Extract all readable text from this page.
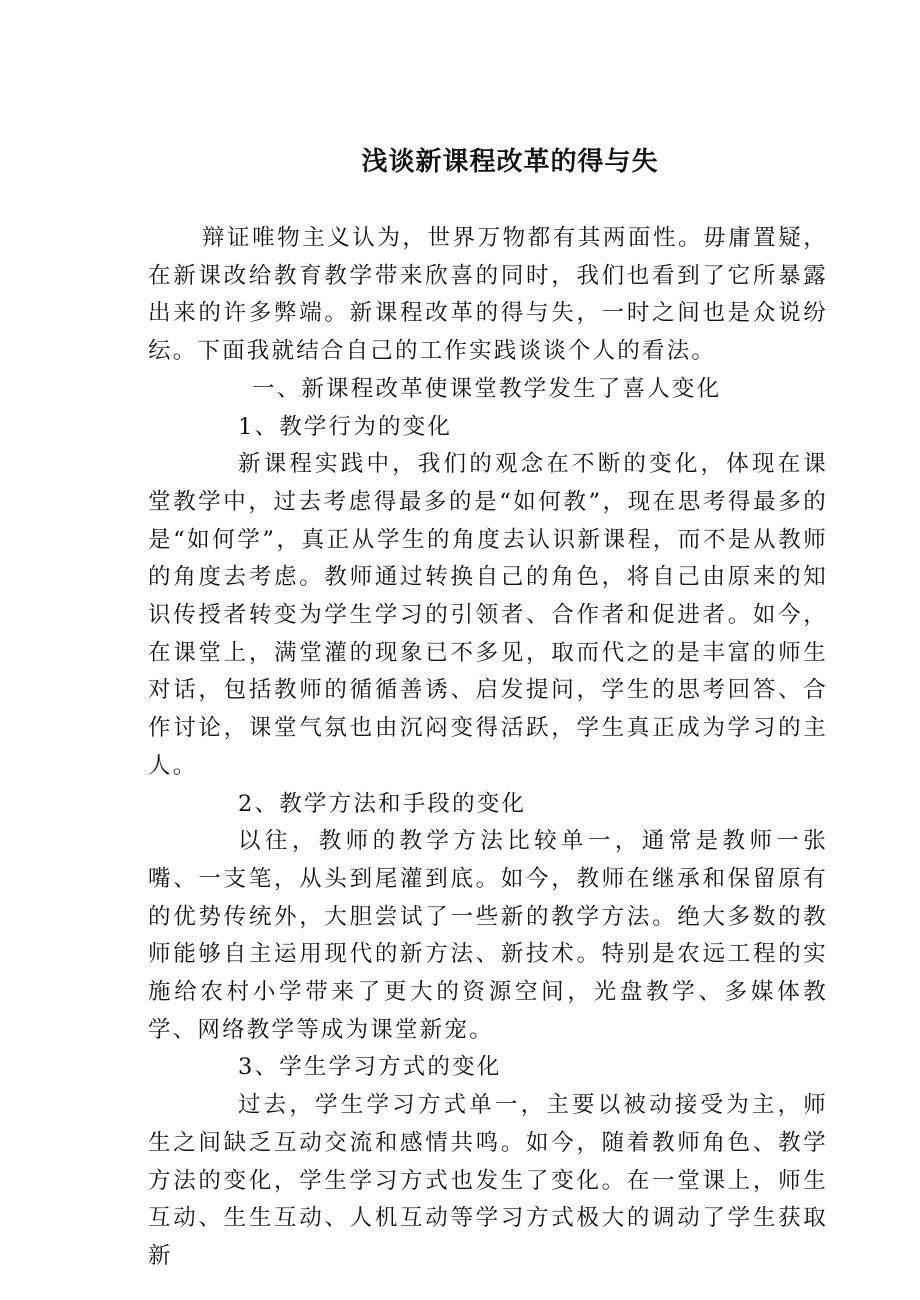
浅谈新课程改革的得与失

辩证唯物主义认为，世界万物都有其两面性。毋庸置疑，在新课改给教育教学带来欣喜的同时，我们也看到了它所暴露出来的许多弊端。新课程改革的得与失，一时之间也是众说纷纭。下面我就结合自己的工作实践谈谈个人的看法。

一、新课程改革使课堂教学发生了喜人变化

1、教学行为的变化

新课程实践中，我们的观念在不断的变化，体现在课堂教学中，过去考虑得最多的是“如何教”，现在思考得最多的是“如何学”，真正从学生的角度去认识新课程，而不是从教师的角度去考虑。教师通过转换自己的角色，将自己由原来的知识传授者转变为学生学习的引领者、合作者和促进者。如今，在课堂上，满堂灌的现象已不多见，取而代之的是丰富的师生对话，包括教师的循循善诱、启发提问，学生的思考回答、合作讨论，课堂气氛也由沉闷变得活跃，学生真正成为学习的主人。

2、教学方法和手段的变化

以往，教师的教学方法比较单一，通常是教师一张嘴、一支笔，从头到尾灌到底。如今，教师在继承和保留原有的优势传统外，大胆尝试了一些新的教学方法。绝大多数的教师能够自主运用现代的新方法、新技术。特别是农远工程的实施给农村小学带来了更大的资源空间，光盘教学、多媒体教学、网络教学等成为课堂新宠。

3、学生学习方式的变化

过去，学生学习方式单一，主要以被动接受为主，师生之间缺乏互动交流和感情共鸣。如今，随着教师角色、教学方法的变化，学生学习方式也发生了变化。在一堂课上，师生互动、生生互动、人机互动等学习方式极大的调动了学生获取新
